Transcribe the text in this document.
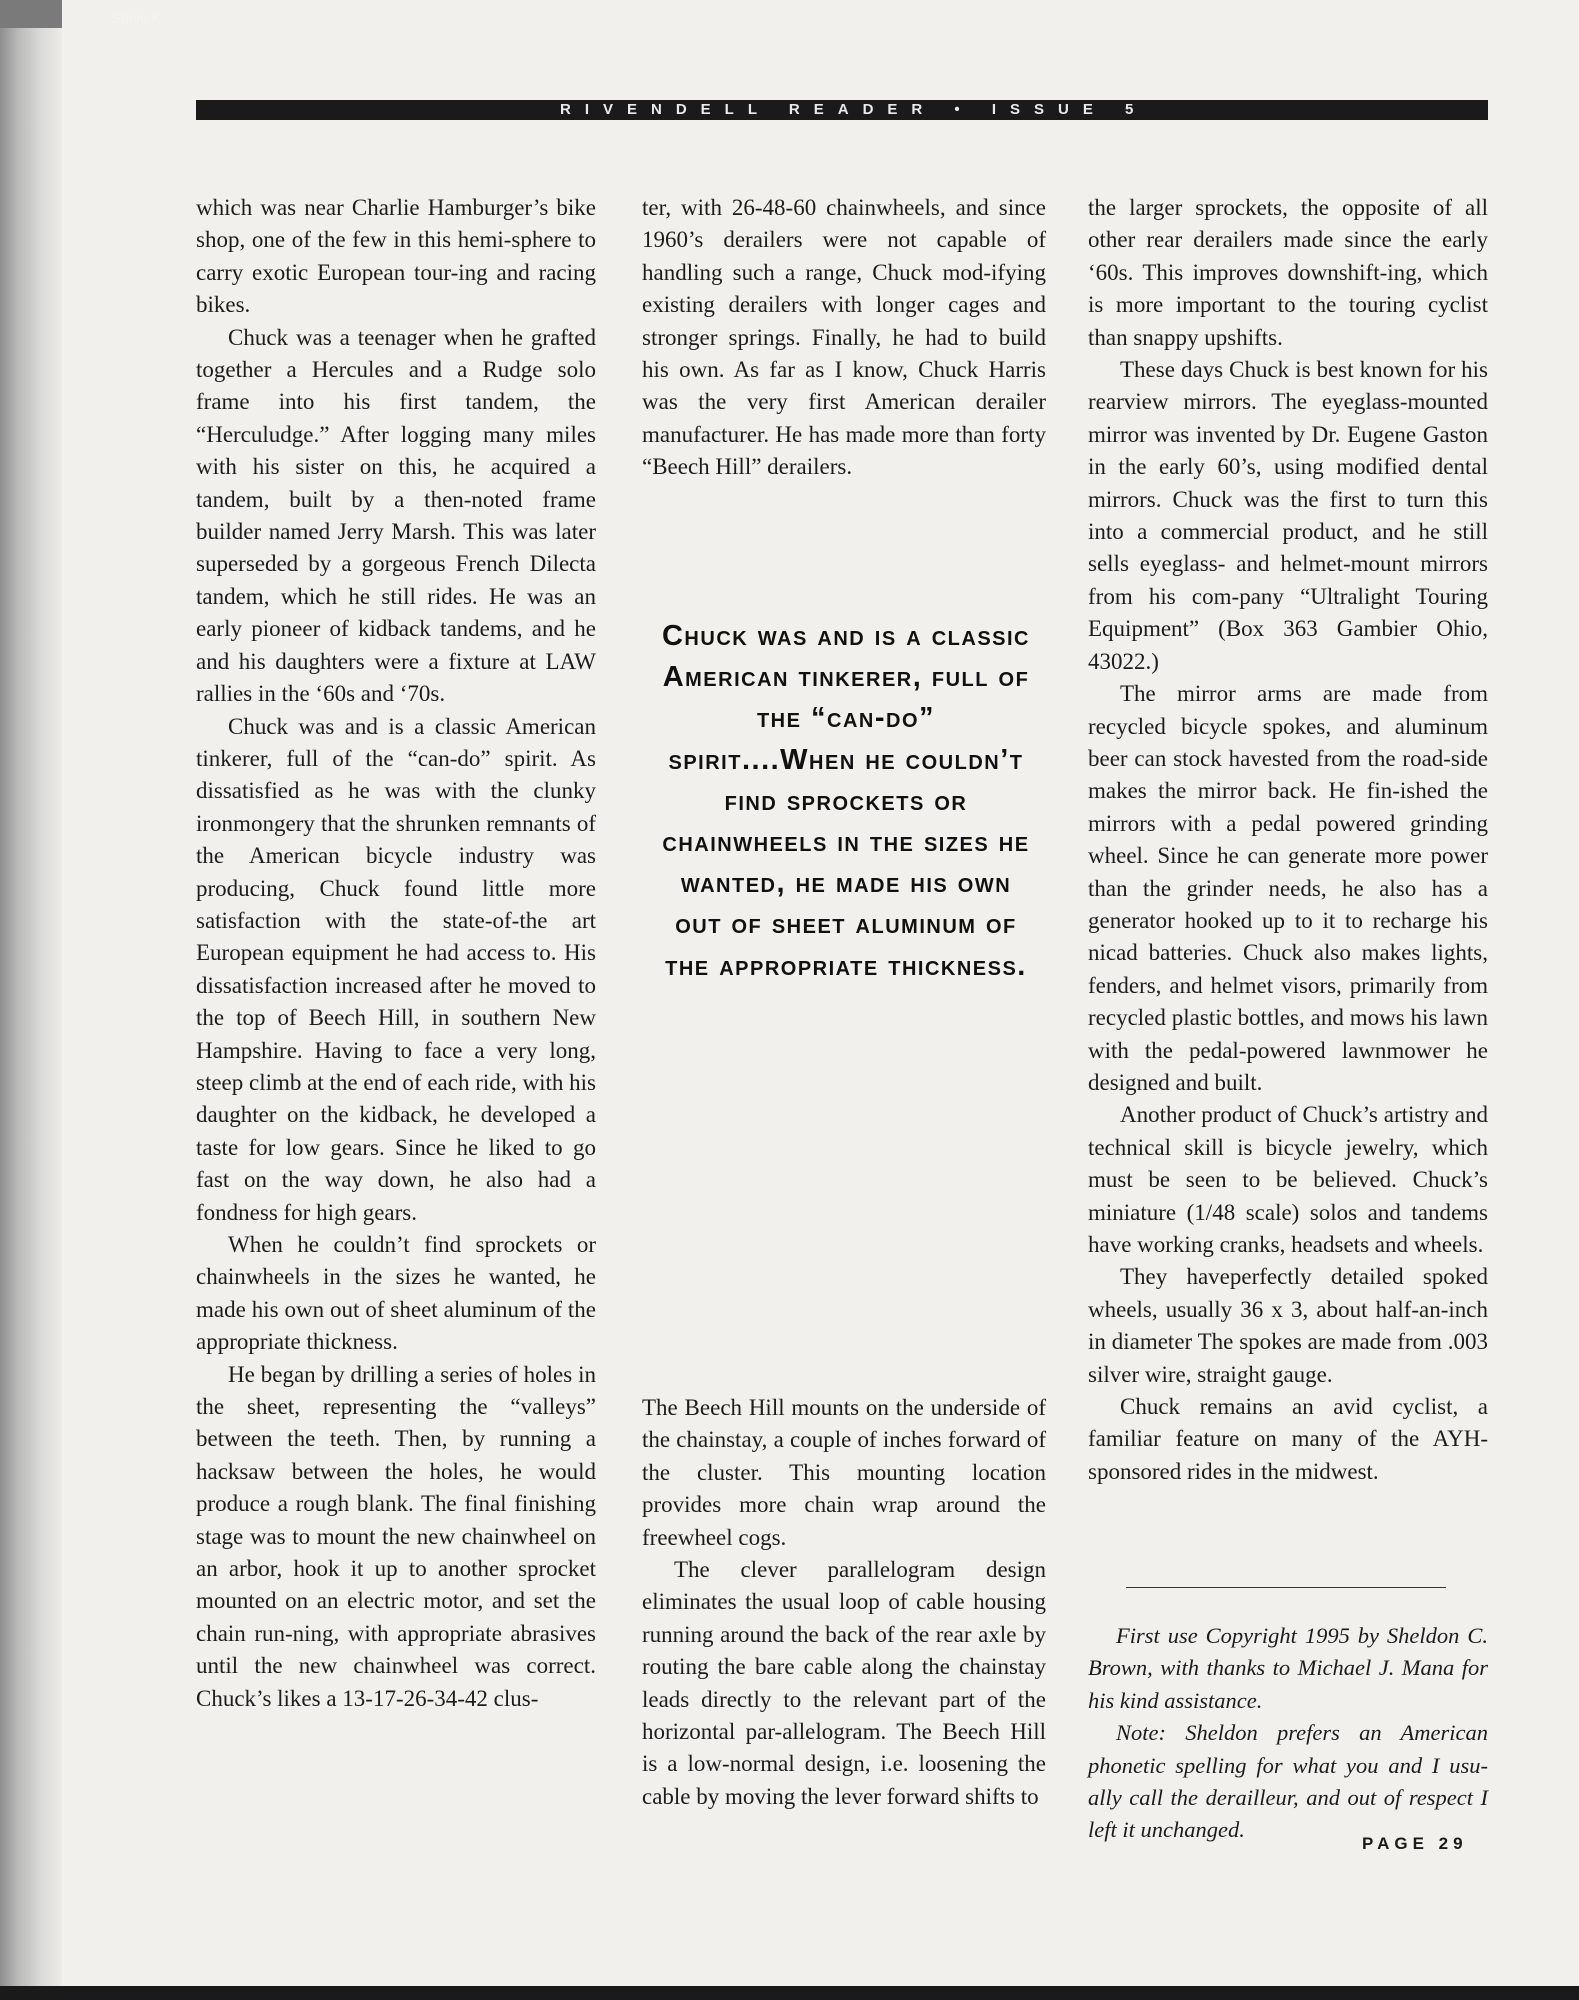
Steve K
RIVENDELL READER • ISSUE 5

which was near Charlie Hamburger’s bike shop, one of the few in this hemi-sphere to carry exotic European tour-ing and racing bikes.

Chuck was a teenager when he grafted together a Hercules and a Rudge solo frame into his first tandem, the “Herculudge.” After logging many miles with his sister on this, he acquired a tandem, built by a then-noted frame builder named Jerry Marsh. This was later superseded by a gorgeous French Dilecta tandem, which he still rides. He was an early pioneer of kidback tandems, and he and his daughters were a fixture at LAW rallies in the ‘60s and ‘70s.

Chuck was and is a classic American tinkerer, full of the “can-do” spirit. As dissatisfied as he was with the clunky ironmongery that the shrunken remnants of the American bicycle industry was producing, Chuck found little more satisfaction with the state-of-the art European equipment he had access to. His dissatisfaction increased after he moved to the top of Beech Hill, in southern New Hampshire. Having to face a very long, steep climb at the end of each ride, with his daughter on the kidback, he developed a taste for low gears. Since he liked to go fast on the way down, he also had a fondness for high gears.

When he couldn’t find sprockets or chainwheels in the sizes he wanted, he made his own out of sheet aluminum of the appropriate thickness.

He began by drilling a series of holes in the sheet, representing the “valleys” between the teeth. Then, by running a hacksaw between the holes, he would produce a rough blank. The final finishing stage was to mount the new chainwheel on an arbor, hook it up to another sprocket mounted on an electric motor, and set the chain run-ning, with appropriate abrasives until the new chainwheel was correct. Chuck’s likes a 13-17-26-34-42 clus-

ter, with 26-48-60 chainwheels, and since 1960’s derailers were not capable of handling such a range, Chuck mod-ifying existing derailers with longer cages and stronger springs. Finally, he had to build his own. As far as I know, Chuck Harris was the very first American derailer manufacturer. He has made more than forty “Beech Hill” derailers.

Chuck was and is a classic American tinkerer, full of the “can-do” spirit....When he couldn’t find sprockets or chainwheels in the sizes he wanted, he made his own out of sheet aluminum of the appropriate thickness.

The Beech Hill mounts on the underside of the chainstay, a couple of inches forward of the cluster. This mounting location provides more chain wrap around the freewheel cogs.

The clever parallelogram design eliminates the usual loop of cable housing running around the back of the rear axle by routing the bare cable along the chainstay leads directly to the relevant part of the horizontal par-allelogram. The Beech Hill is a low-normal design, i.e. loosening the cable by moving the lever forward shifts to

the larger sprockets, the opposite of all other rear derailers made since the early ‘60s. This improves downshift-ing, which is more important to the touring cyclist than snappy upshifts.

These days Chuck is best known for his rearview mirrors. The eyeglass-mounted mirror was invented by Dr. Eugene Gaston in the early 60’s, using modified dental mirrors. Chuck was the first to turn this into a commercial product, and he still sells eyeglass- and helmet-mount mirrors from his com-pany “Ultralight Touring Equipment” (Box 363 Gambier Ohio, 43022.)

The mirror arms are made from recycled bicycle spokes, and aluminum beer can stock havested from the road-side makes the mirror back. He fin-ished the mirrors with a pedal powered grinding wheel. Since he can generate more power than the grinder needs, he also has a generator hooked up to it to recharge his nicad batteries. Chuck also makes lights, fenders, and helmet visors, primarily from recycled plastic bottles, and mows his lawn with the pedal-powered lawnmower he designed and built.

Another product of Chuck’s artistry and technical skill is bicycle jewelry, which must be seen to be believed. Chuck’s miniature (1/48 scale) solos and tandems have working cranks, headsets and wheels.

They haveperfectly detailed spoked wheels, usually 36 x 3, about half-an-inch in diameter The spokes are made from .003 silver wire, straight gauge.

Chuck remains an avid cyclist, a familiar feature on many of the AYH-sponsored rides in the midwest.

First use Copyright 1995 by Sheldon C. Brown, with thanks to Michael J. Mana for his kind assistance.

Note: Sheldon prefers an American phonetic spelling for what you and I usu-ally call the derailleur, and out of respect I left it unchanged.

PAGE 29
